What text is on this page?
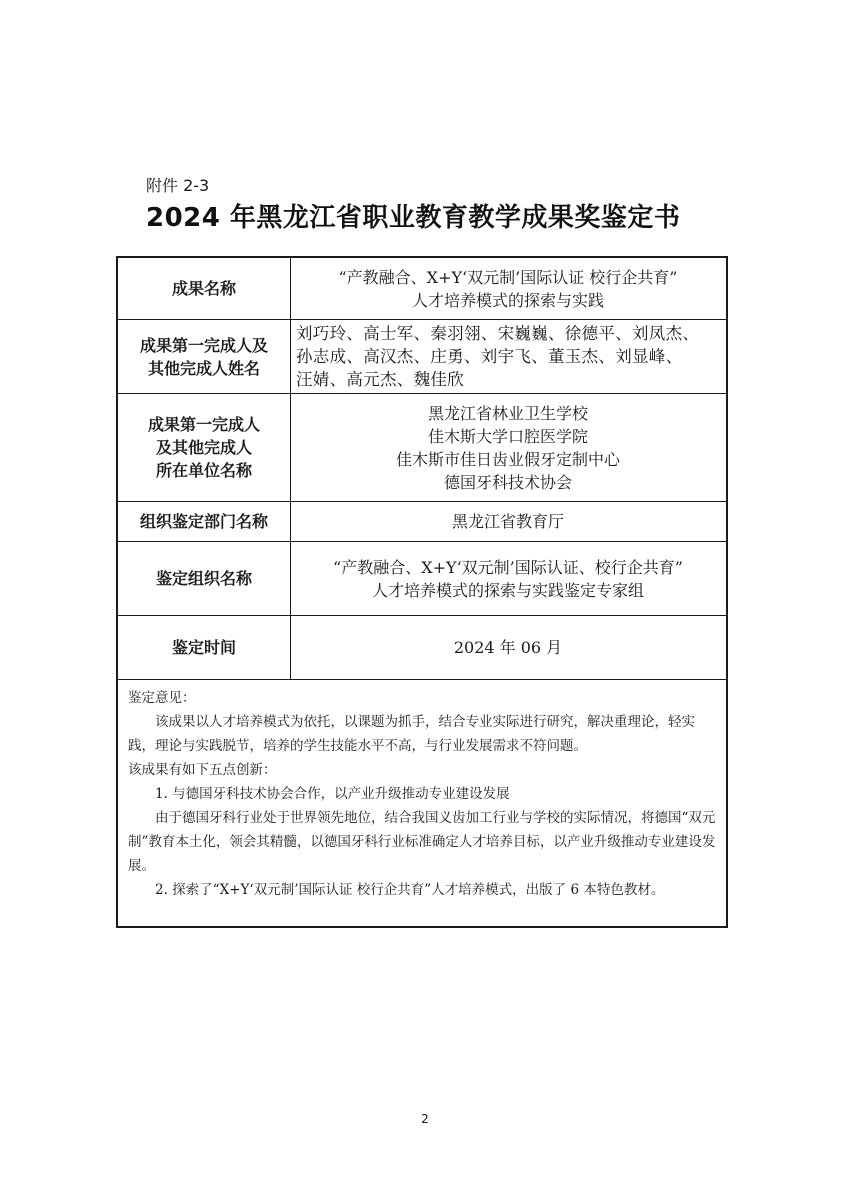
附件 2-3
2024 年黑龙江省职业教育教学成果奖鉴定书
成果名称
“产教融合、X+Y‘双元制’国际认证 校行企共育”
人才培养模式的探索与实践
成果第一完成人及
其他完成人姓名
刘巧玲、高士军、秦羽翎、宋巍巍、徐德平、刘凤杰、
孙志成、高汉杰、庄勇、刘宇飞、董玉杰、刘显峰、
汪婧、高元杰、魏佳欣
成果第一完成人
及其他完成人
所在单位名称
黑龙江省林业卫生学校
佳木斯大学口腔医学院
佳木斯市佳日齿业假牙定制中心
德国牙科技术协会
组织鉴定部门名称	黑龙江省教育厅
鉴定组织名称
“产教融合、X+Y‘双元制’国际认证、校行企共育”
人才培养模式的探索与实践鉴定专家组
鉴定时间	2024 年 06 月

鉴定意见：

该成果以人才培养模式为依托，以课题为抓手，结合专业实际进行研究，解决重理论，轻实践，理论与实践脱节，培养的学生技能水平不高，与行业发展需求不符问题。

该成果有如下五点创新：

1. 与德国牙科技术协会合作，以产业升级推动专业建设发展

由于德国牙科行业处于世界领先地位，结合我国义齿加工行业与学校的实际情况，将德国“双元制”教育本土化，领会其精髓，以德国牙科行业标准确定人才培养目标，以产业升级推动专业建设发展。

2. 探索了“X+Y‘双元制’国际认证 校行企共育”人才培养模式，出版了 6 本特色教材。

2
